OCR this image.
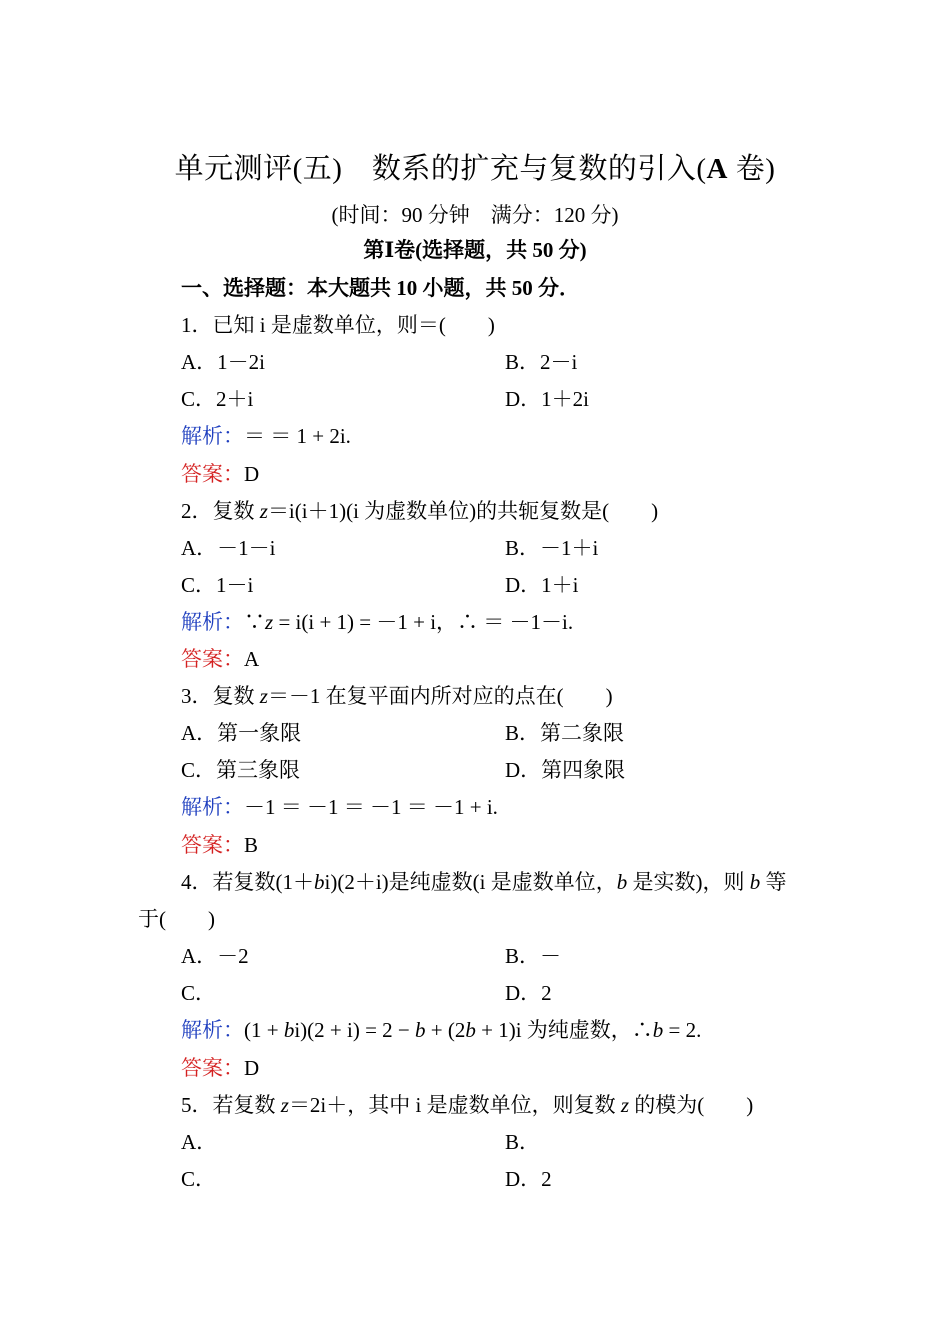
单元测评(五)　数系的扩充与复数的引入(A 卷)
(时间：90 分钟　满分：120 分)
第Ⅰ卷(选择题，共 50 分)
一、选择题：本大题共 10 小题，共 50 分．
1．已知 i 是虚数单位，则＝(　　)
A．1－2i	B．2－i
C．2＋i	D．1＋2i
解析：＝ ＝ 1 + 2i.
答案：D
2．复数 z＝i(i＋1)(i 为虚数单位)的共轭复数是(　　)
A．－1－i	B．－1＋i
C．1－i	D．1＋i
解析：∵z = i(i + 1) = －1 + i，∴ ＝ －1－i.
答案：A
3．复数 z＝－1 在复平面内所对应的点在(　　)
A．第一象限	B．第二象限
C．第三象限	D．第四象限
解析：－1 ＝ －1 ＝ －1 ＝ －1 + i.
答案：B
4．若复数(1＋bi)(2＋i)是纯虚数(i 是虚数单位，b 是实数)，则 b 等
于(　　)
A．－2	B．－
C．	D．2
解析：(1 + bi)(2 + i) = 2 − b + (2b + 1)i 为纯虚数，∴b = 2.
答案：D
5．若复数 z＝2i＋，其中 i 是虚数单位，则复数 z 的模为(　　)
A．	B．
C．	D．2
